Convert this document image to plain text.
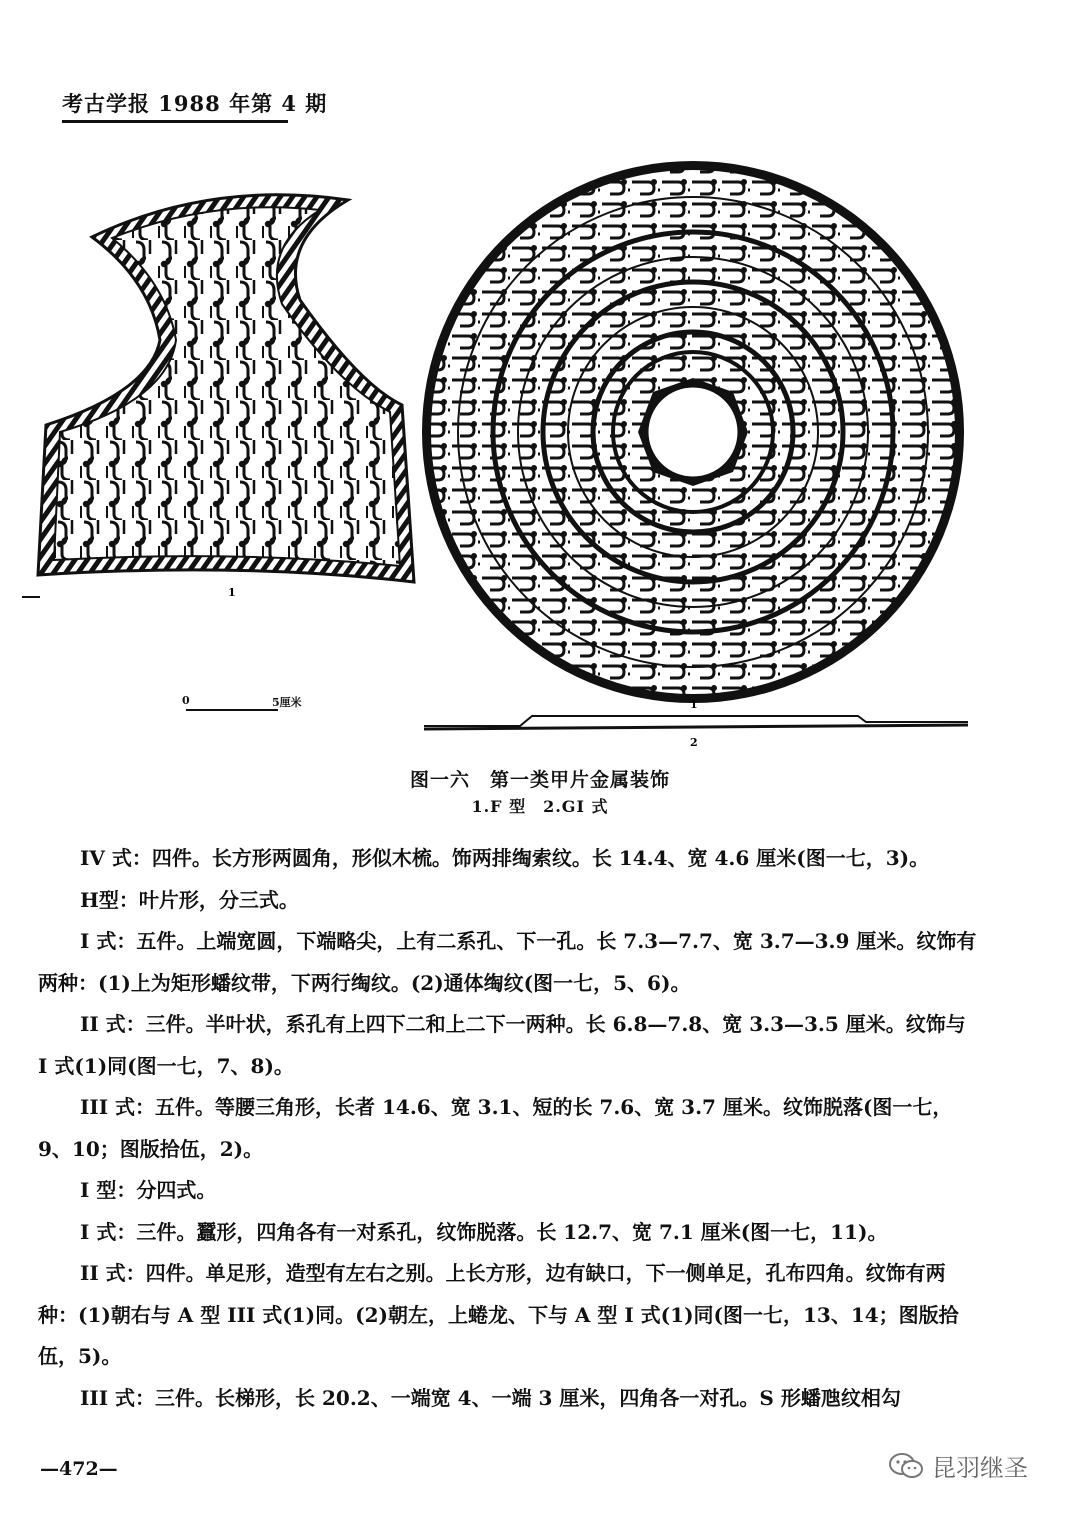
考古学报 1988 年第 4 期
1
1
2
0	5厘米
图一六　第一类甲片金属装饰
1.F 型　2.GI 式

IV 式：四件。长方形两圆角，形似木梳。饰两排绹索纹。长 14.4、宽 4.6 厘米(图一七，3)。

H型：叶片形，分三式。

I 式：五件。上端宽圆，下端略尖，上有二系孔、下一孔。长 7.3—7.7、宽 3.7—3.9 厘米。纹饰有两种：(1)上为矩形蟠纹带，下两行绹纹。(2)通体绹纹(图一七，5、6)。

II 式：三件。半叶状，系孔有上四下二和上二下一两种。长 6.8—7.8、宽 3.3—3.5 厘米。纹饰与 I 式(1)同(图一七，7、8)。

III 式：五件。等腰三角形，长者 14.6、宽 3.1、短的长 7.6、宽 3.7 厘米。纹饰脱落(图一七，9、10；图版拾伍，2)。

I 型：分四式。

I 式：三件。蠶形，四角各有一对系孔，纹饰脱落。长 12.7、宽 7.1 厘米(图一七，11)。

II 式：四件。单足形，造型有左右之别。上长方形，边有缺口，下一侧单足，孔布四角。纹饰有两种：(1)朝右与 A 型 III 式(1)同。(2)朝左，上蜷龙、下与 A 型 I 式(1)同(图一七，13、14；图版拾伍，5)。

III 式：三件。长梯形，长 20.2、一端宽 4、一端 3 厘米，四角各一对孔。S 形蟠虺纹相勾

—472—	昆羽继圣
